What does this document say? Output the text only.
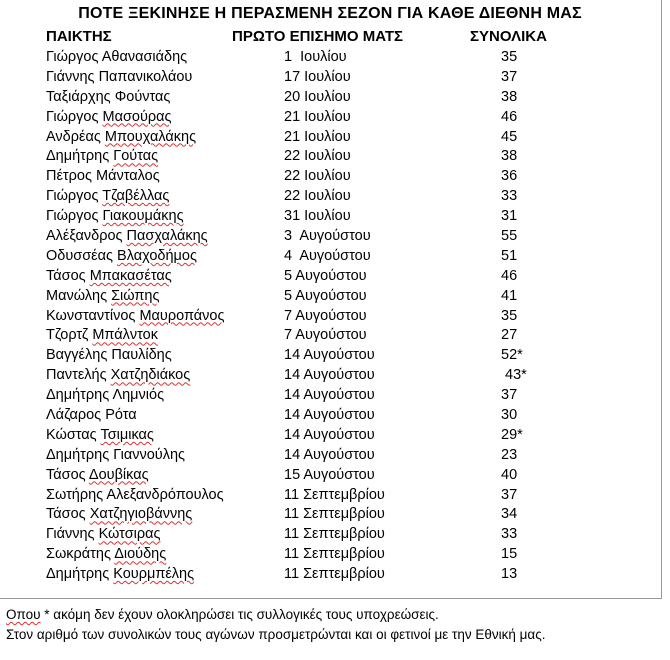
ΠΟΤΕ ΞΕΚΙΝΗΣΕ Η ΠΕΡΑΣΜΕΝΗ ΣΕΖΟΝ ΓΙΑ ΚΑΘΕ ΔΙΕΘΝΗ ΜΑΣ
ΠΑΙΚΤΗΣ	ΠΡΩΤΟ ΕΠΙΣΗΜΟ ΜΑΤΣ	ΣΥΝΟΛΙΚΑ
Γιώργος Αθανασιάδης	1  Ιουλίου	35
Γιάννης Παπανικολάου	17 Ιουλίου	37
Ταξιάρχης Φούντας	20 Ιουλίου	38
Γιώργος Μασούρας	21 Ιουλίου	46
Ανδρέας Μπουχαλάκης	21 Ιουλίου	45
Δημήτρης Γούτας	22 Ιουλίου	38
Πέτρος Μάνταλος	22 Ιουλίου	36
Γιώργος Τζαβέλλας	22 Ιουλίου	33
Γιώργος Γιακουμάκης	31 Ιουλίου	31
Αλέξανδρος Πασχαλάκης	3  Αυγούστου	55
Οδυσσέας Βλαχοδήμος	4  Αυγούστου	51
Τάσος Μπακασέτας	5 Αυγούστου	46
Μανώλης Σιώπης	5 Αυγούστου	41
Κωνσταντίνος Μαυροπάνος	7 Αυγούστου	35
Τζορτζ Μπάλντοκ	7 Αυγούστου	27
Βαγγέλης Παυλίδης	14 Αυγούστου	52*
Παντελής Χατζηδιάκος	14 Αυγούστου	43*
Δημήτρης Λημνιός	14 Αυγούστου	37
Λάζαρος Ρότα	14 Αυγούστου	30
Κώστας Τσιμικας	14 Αυγούστου	29*
Δημήτρης Γιαννούλης	14 Αυγούστου	23
Τάσος Δουβίκας	15 Αυγούστου	40
Σωτήρης Αλεξανδρόπουλος	11 Σεπτεμβρίου	37
Τάσος Χατζηγιοβάννης	11 Σεπτεμβρίου	34
Γιάννης Κώτσιρας	11 Σεπτεμβρίου	33
Σωκράτης Διούδης	11 Σεπτεμβρίου	15
Δημήτρης Κουρμπέλης	11 Σεπτεμβρίου	13
Οπου * ακόμη δεν έχουν ολοκληρώσει τις συλλογικές τους υποχρεώσεις.
Στον αριθμό των συνολικών τους αγώνων προσμετρώνται και οι φετινοί με την Εθνική μας.
